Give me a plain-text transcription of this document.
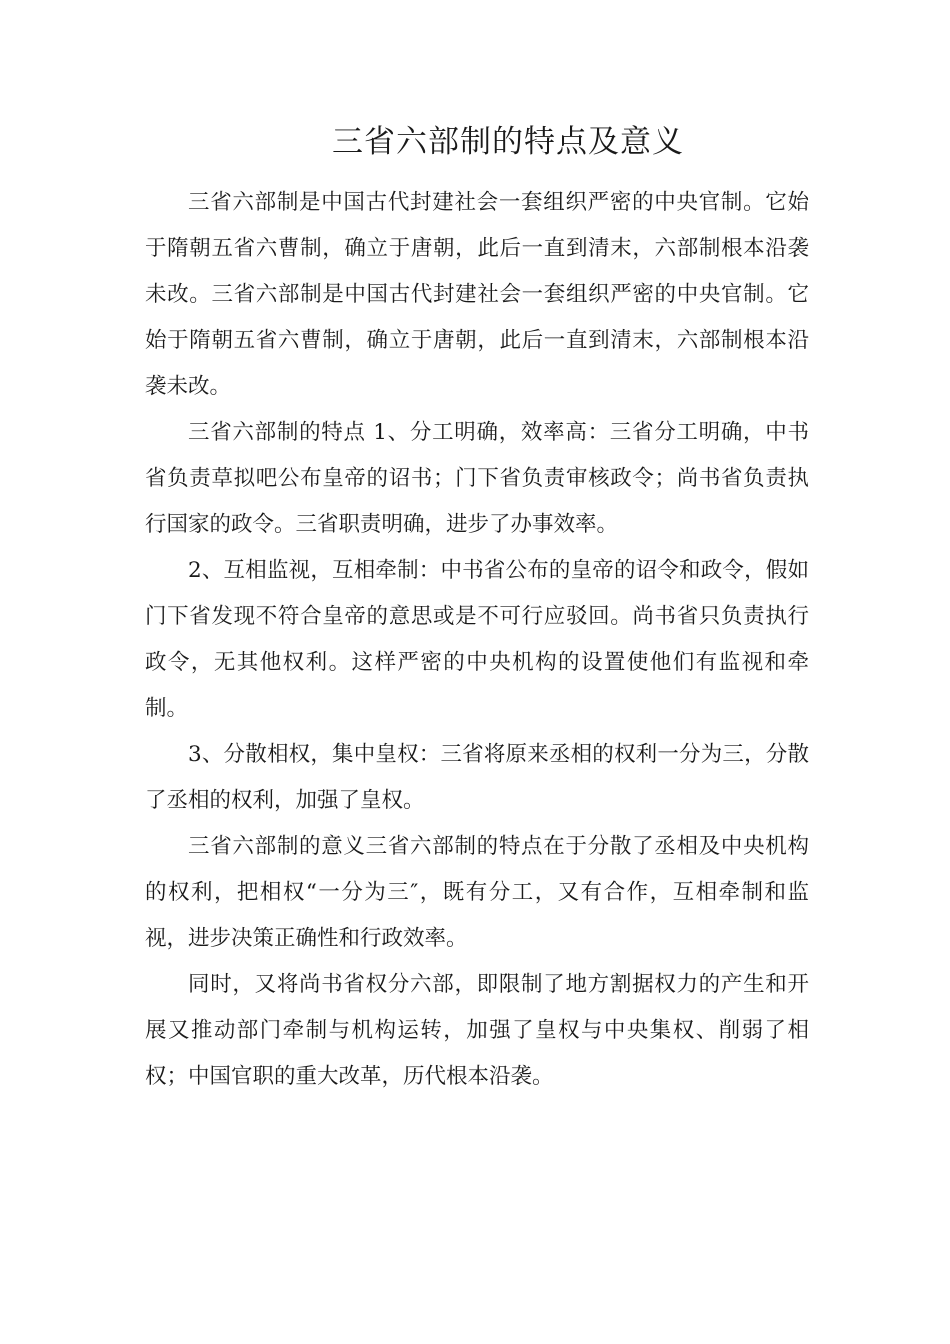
三省六部制的特点及意义

三省六部制是中国古代封建社会一套组织严密的中央官制。它始于隋朝五省六曹制，确立于唐朝，此后一直到清末，六部制根本沿袭未改。三省六部制是中国古代封建社会一套组织严密的中央官制。它始于隋朝五省六曹制，确立于唐朝，此后一直到清末，六部制根本沿袭未改。

三省六部制的特点 1、分工明确，效率高：三省分工明确，中书省负责草拟吧公布皇帝的诏书；门下省负责审核政令；尚书省负责执行国家的政令。三省职责明确，进步了办事效率。

2、互相监视，互相牵制：中书省公布的皇帝的诏令和政令，假如门下省发现不符合皇帝的意思或是不可行应驳回。尚书省只负责执行政令，无其他权利。这样严密的中央机构的设置使他们有监视和牵制。

3、分散相权，集中皇权：三省将原来丞相的权利一分为三，分散了丞相的权利，加强了皇权。

三省六部制的意义三省六部制的特点在于分散了丞相及中央机构的权利，把相权“一分为三″，既有分工，又有合作，互相牵制和监视，进步决策正确性和行政效率。

同时，又将尚书省权分六部，即限制了地方割据权力的产生和开展又推动部门牵制与机构运转，加强了皇权与中央集权、削弱了相权；中国官职的重大改革，历代根本沿袭。
